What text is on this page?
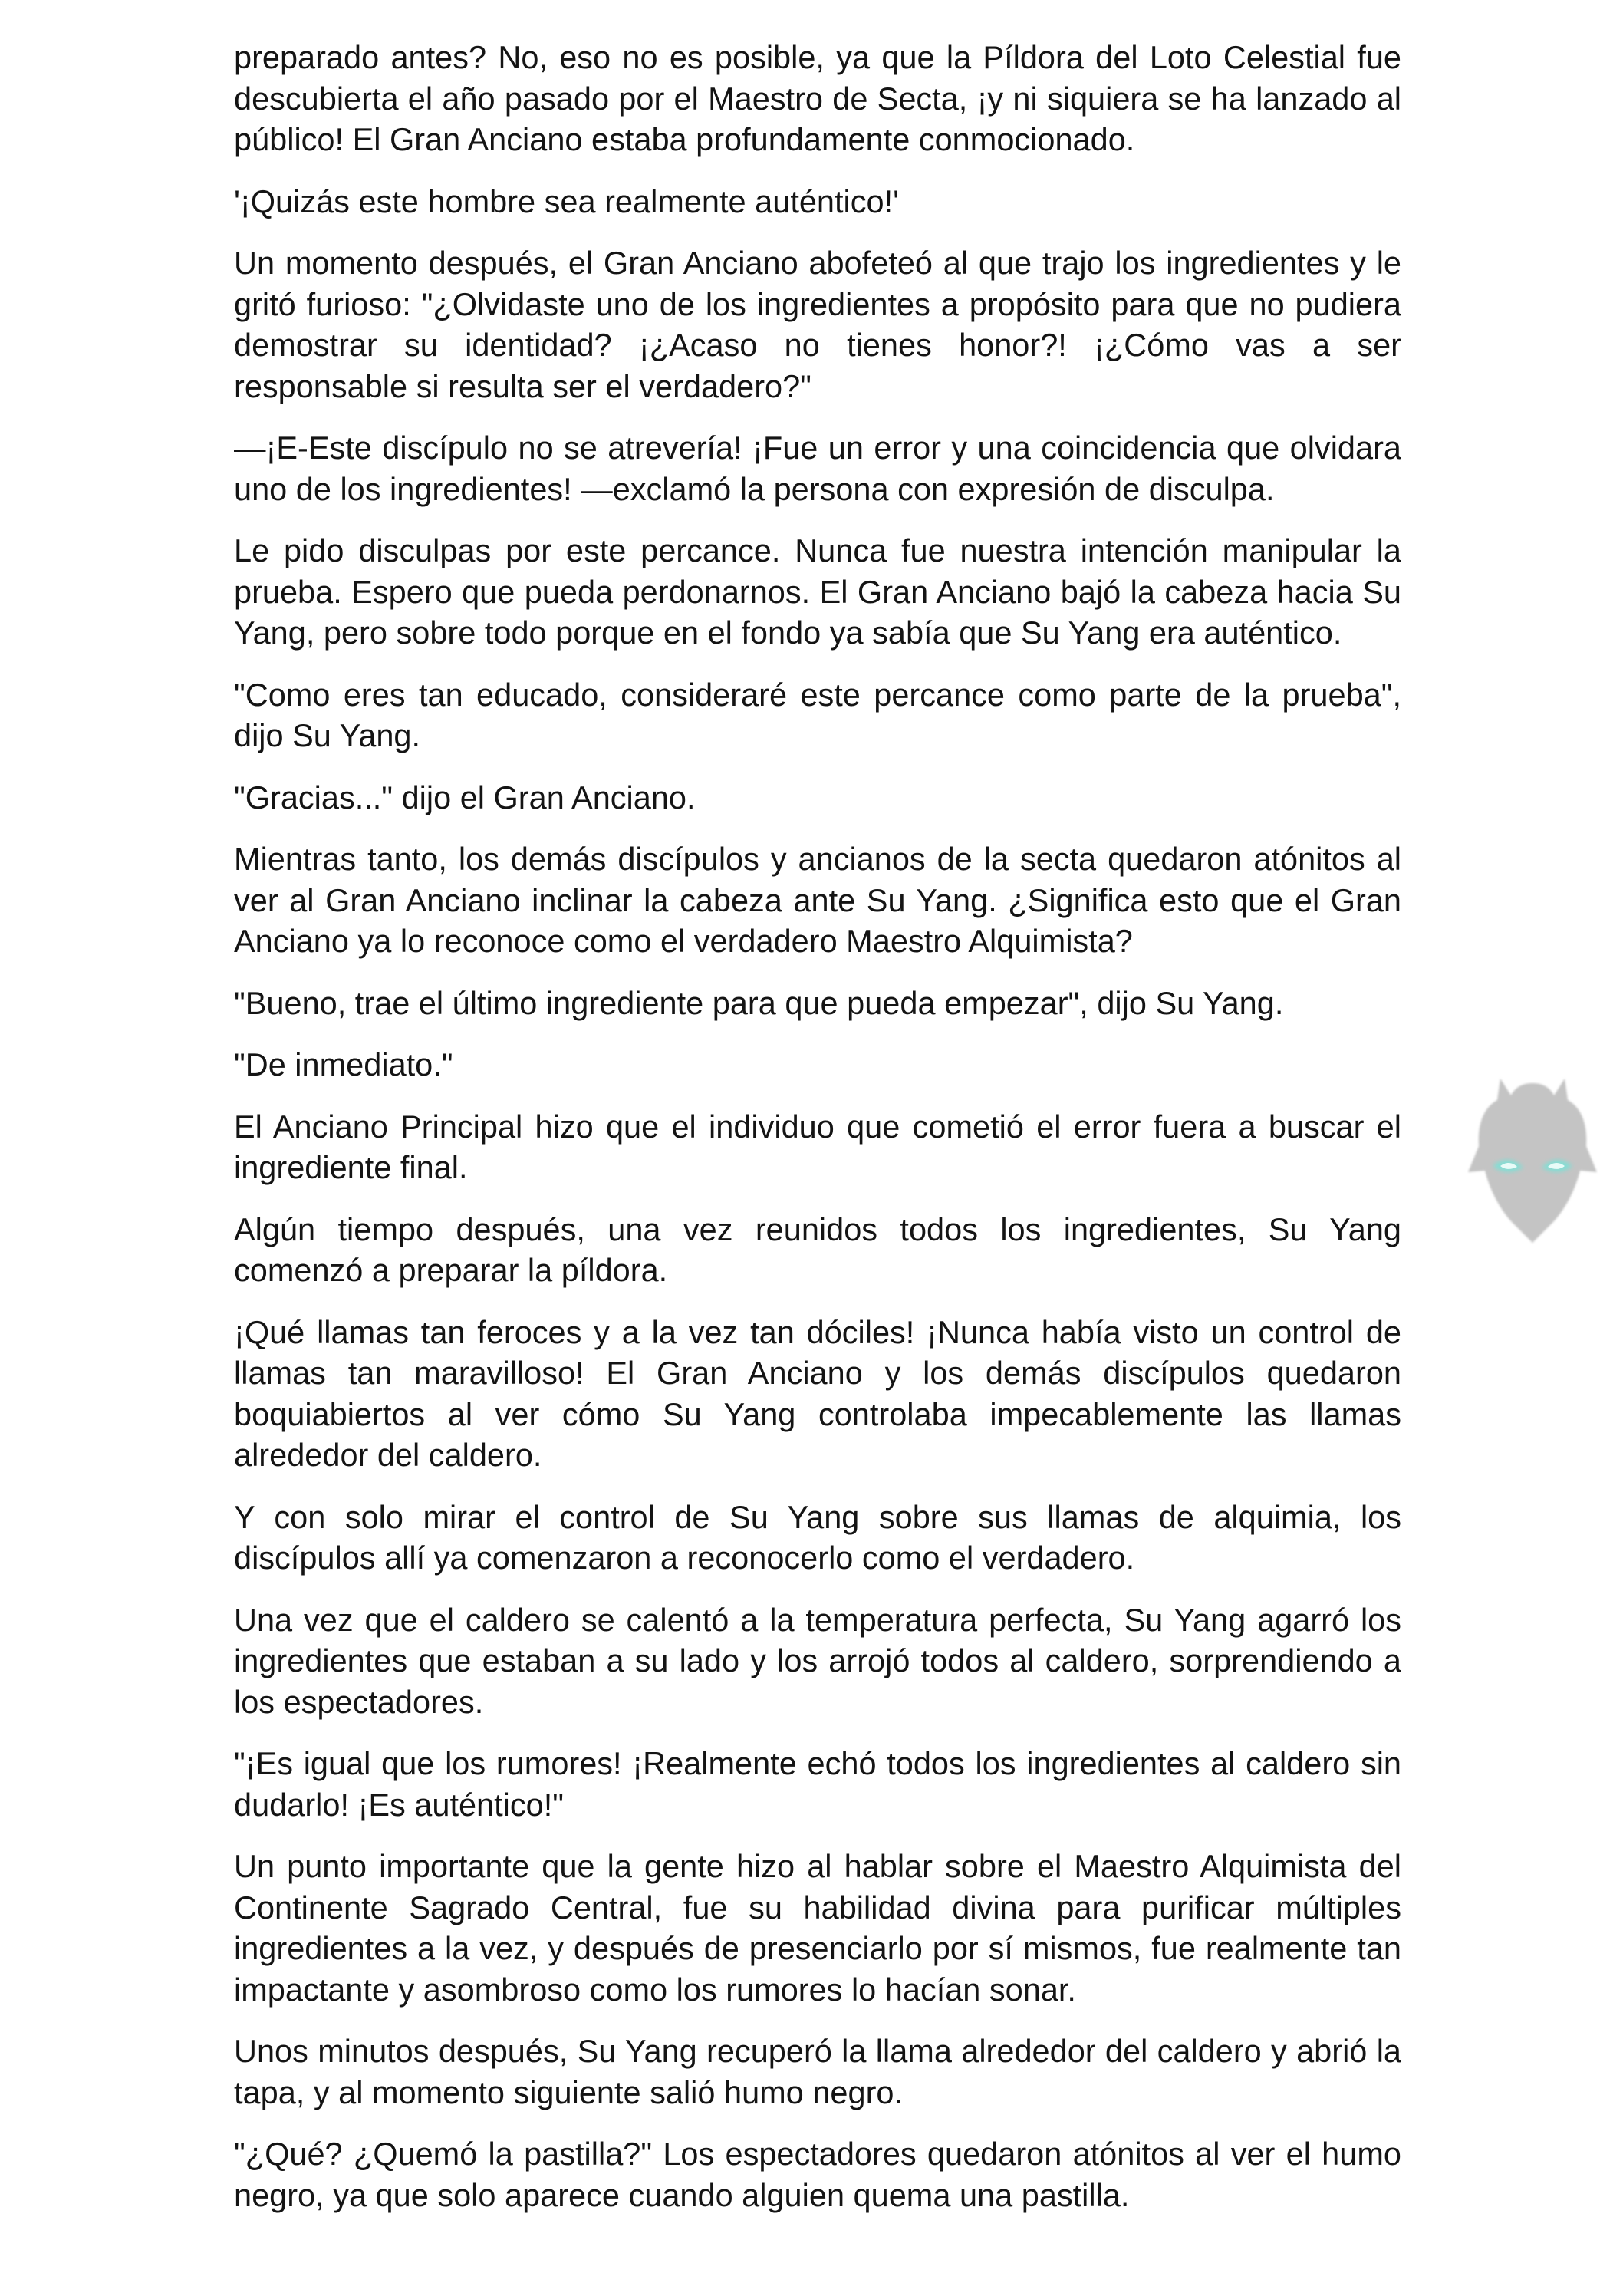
preparado antes? No, eso no es posible, ya que la Píldora del Loto Celestial fue descubierta el año pasado por el Maestro de Secta, ¡y ni siquiera se ha lanzado al público! El Gran Anciano estaba profundamente conmocionado.

'¡Quizás este hombre sea realmente auténtico!'

Un momento después, el Gran Anciano abofeteó al que trajo los ingredientes y le gritó furioso: "¿Olvidaste uno de los ingredientes a propósito para que no pudiera demostrar su identidad? ¡¿Acaso no tienes honor?! ¡¿Cómo vas a ser responsable si resulta ser el verdadero?"

—¡E-Este discípulo no se atrevería! ¡Fue un error y una coincidencia que olvidara uno de los ingredientes! —exclamó la persona con expresión de disculpa.

Le pido disculpas por este percance. Nunca fue nuestra intención manipular la prueba. Espero que pueda perdonarnos. El Gran Anciano bajó la cabeza hacia Su Yang, pero sobre todo porque en el fondo ya sabía que Su Yang era auténtico.

"Como eres tan educado, consideraré este percance como parte de la prueba", dijo Su Yang.

"Gracias..." dijo el Gran Anciano.

Mientras tanto, los demás discípulos y ancianos de la secta quedaron atónitos al ver al Gran Anciano inclinar la cabeza ante Su Yang. ¿Significa esto que el Gran Anciano ya lo reconoce como el verdadero Maestro Alquimista?

"Bueno, trae el último ingrediente para que pueda empezar", dijo Su Yang.

"De inmediato."

El Anciano Principal hizo que el individuo que cometió el error fuera a buscar el ingrediente final.

Algún tiempo después, una vez reunidos todos los ingredientes, Su Yang comenzó a preparar la píldora.

¡Qué llamas tan feroces y a la vez tan dóciles! ¡Nunca había visto un control de llamas tan maravilloso! El Gran Anciano y los demás discípulos quedaron boquiabiertos al ver cómo Su Yang controlaba impecablemente las llamas alrededor del caldero.

Y con solo mirar el control de Su Yang sobre sus llamas de alquimia, los discípulos allí ya comenzaron a reconocerlo como el verdadero.

Una vez que el caldero se calentó a la temperatura perfecta, Su Yang agarró los ingredientes que estaban a su lado y los arrojó todos al caldero, sorprendiendo a los espectadores.

"¡Es igual que los rumores! ¡Realmente echó todos los ingredientes al caldero sin dudarlo! ¡Es auténtico!"

Un punto importante que la gente hizo al hablar sobre el Maestro Alquimista del Continente Sagrado Central, fue su habilidad divina para purificar múltiples ingredientes a la vez, y después de presenciarlo por sí mismos, fue realmente tan impactante y asombroso como los rumores lo hacían sonar.

Unos minutos después, Su Yang recuperó la llama alrededor del caldero y abrió la tapa, y al momento siguiente salió humo negro.

"¿Qué? ¿Quemó la pastilla?" Los espectadores quedaron atónitos al ver el humo negro, ya que solo aparece cuando alguien quema una pastilla.
